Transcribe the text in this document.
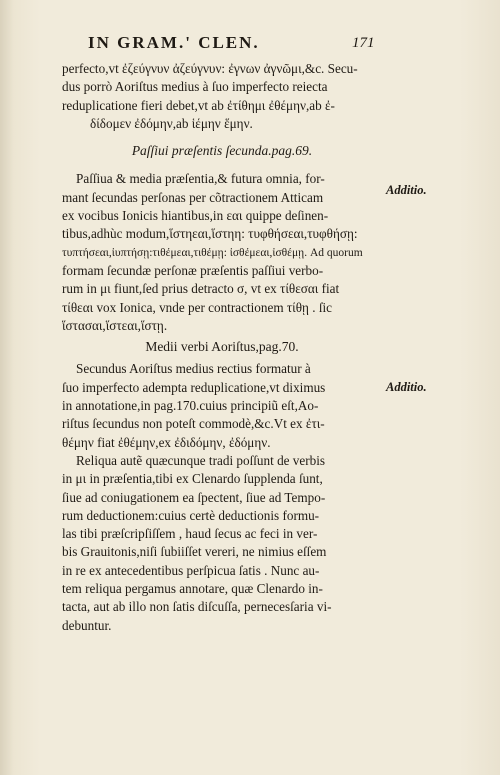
IN GRAM.' CLEN.	171
perfecto,vt ἐζεύγνυν ἀζεύγνυν: ἐγνων ἀγνῶμι,&c. Secu-
dus porrò Aoriſtus medius à ſuo imperfecto reiecta
reduplicatione fieri debet,vt ab ἐτίθημι ἐθέμην,ab ἐ-
δίδομεν ἐδόμην,ab ἱέμην ἕμην.
Paſſiui præſentis ſecunda.pag.69.
Paſſiua & media præſentia,& futura omnia, for-
mant ſecundas perſonas per cõtractionem Atticam
ex vocibus Ionicis hiantibus,in εαι quippe deſinen-
tibus,adhùc modum,ἵστηεαι,ἵστηη: τυφθήσεαι,τυφθήσῃ:
τυπτήσεαι,ἰυπτήσῃ:τιθέμεαι,τιθέμῃ: ἰσθέμεαι,ἰσθέμῃ. Ad quorum
formam ſecundæ perſonæ præſentis paſſiui verbo-
rum in μι fiunt,ſed prius detracto σ, vt ex τίθεσαι fiat
τίθεαι vox Ionica, vnde per contractionem τίθῃ . ſic
ἵστασαι,ἵστεαι,ἵστῃ.
Medii verbi Aoriſtus,pag.70.
Secundus Aoriſtus medius rectius formatur à
ſuo imperfecto adempta reduplicatione,vt diximus
in annotatione,in pag.170.cuius principiũ eſt,Ao-
riſtus ſecundus non poteſt commodè,&c.Vt ex ἐτι-
θέμην fiat ἐθέμην,ex ἐδιδόμην, ἐδόμην.
Reliqua autẽ quæcunque tradi poſſunt de verbis
in μι in præſentia,tibi ex Clenardo ſupplenda ſunt,
ſiue ad coniugationem ea ſpectent, ſiue ad Tempo-
rum deductionem:cuius certè deductionis formu-
las tibi præſcripſiſſem , haud ſecus ac feci in ver-
bis Grauitonis,niſi ſubiiſſet vereri, ne nimius eſſem
in re ex antecedentibus perſpicua ſatis . Nunc au-
tem reliqua pergamus annotare, quæ Clenardo in-
tacta, aut ab illo non ſatis diſcuſſa, pernecesſaria vi-
debuntur.
Additio.
Additio.
